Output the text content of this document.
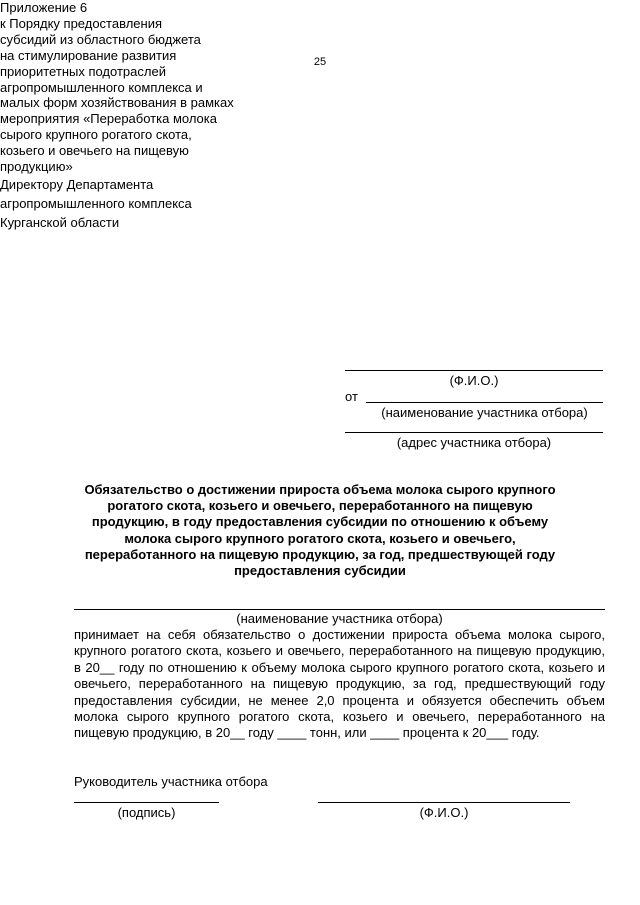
25
Приложение 6
к Порядку предоставления
субсидий из областного бюджета
на стимулирование развития
приоритетных подотраслей
агропромышленного комплекса и
малых форм хозяйствования в рамках
мероприятия «Переработка молока
сырого крупного рогатого скота,
козьего и овечьего на пищевую
продукцию»
Директору Департамента
агропромышленного комплекса
Курганской области
(Ф.И.О.)
от
(наименование участника отбора)
(адрес участника отбора)
Обязательство о достижении прироста объема молока сырого крупного
рогатого скота, козьего и овечьего, переработанного на пищевую
продукцию, в году предоставления субсидии по отношению к объему
молока сырого крупного рогатого скота, козьего и овечьего,
переработанного на пищевую продукцию, за год, предшествующей году
предоставления субсидии
(наименование участника отбора)
принимает на себя обязательство о достижении прироста объема молока сырого, крупного рогатого скота, козьего и овечьего, переработанного на пищевую продукцию, в 20__ году по отношению к объему молока сырого крупного рогатого скота, козьего и овечьего, переработанного на пищевую продукцию, за год, предшествующий году предоставления субсидии, не менее 2,0 процента и обязуется обеспечить объем молока сырого крупного рогатого скота, козьего и овечьего, переработанного на пищевую продукцию, в 20__ году ____ тонн, или ____ процента к 20___ году.
Руководитель участника отбора
(подпись)	(Ф.И.О.)
